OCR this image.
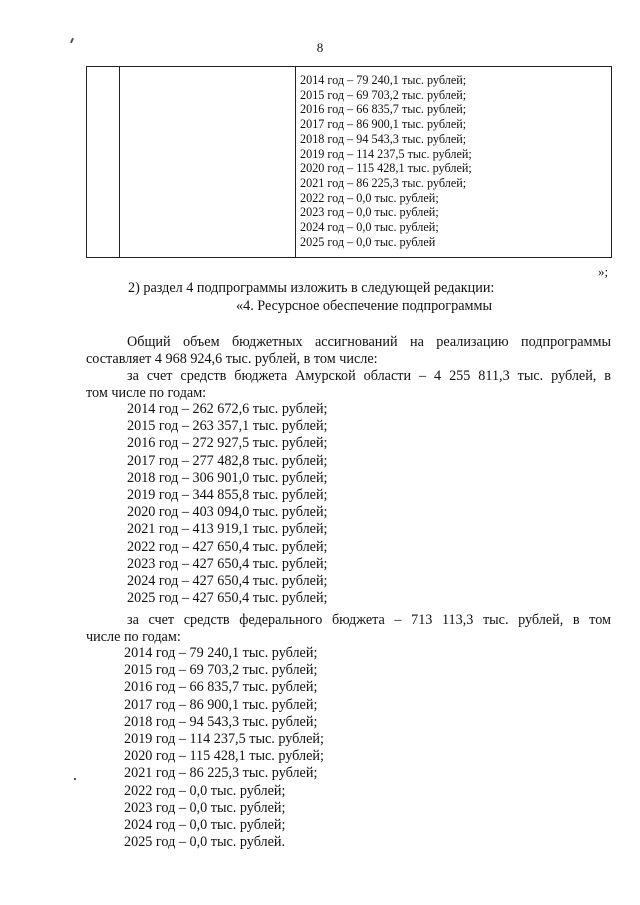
8
2014 год – 79 240,1 тыс. рублей;
2015 год – 69 703,2 тыс. рублей;
2016 год – 66 835,7 тыс. рублей;
2017 год – 86 900,1 тыс. рублей;
2018 год – 94 543,3 тыс. рублей;
2019 год – 114 237,5 тыс. рублей;
2020 год – 115 428,1 тыс. рублей;
2021 год – 86 225,3 тыс. рублей;
2022 год – 0,0 тыс. рублей;
2023 год – 0,0 тыс. рублей;
2024 год – 0,0 тыс. рублей;
2025 год – 0,0 тыс. рублей
»;
2) раздел 4 подпрограммы изложить в следующей редакции:
«4. Ресурсное обеспечение подпрограммы
Общий объем бюджетных ассигнований на реализацию подпрограммы
составляет 4 968 924,6 тыс. рублей, в том числе:
за счет средств бюджета Амурской области – 4 255 811,3 тыс. рублей, в
том числе по годам:
2014 год – 262 672,6 тыс. рублей;
2015 год – 263 357,1 тыс. рублей;
2016 год – 272 927,5 тыс. рублей;
2017 год – 277 482,8 тыс. рублей;
2018 год – 306 901,0 тыс. рублей;
2019 год – 344 855,8 тыс. рублей;
2020 год – 403 094,0 тыс. рублей;
2021 год – 413 919,1 тыс. рублей;
2022 год – 427 650,4 тыс. рублей;
2023 год – 427 650,4 тыс. рублей;
2024 год – 427 650,4 тыс. рублей;
2025 год – 427 650,4 тыс. рублей;
за счет средств федерального бюджета – 713 113,3 тыс. рублей, в том
числе по годам:
2014 год – 79 240,1 тыс. рублей;
2015 год – 69 703,2 тыс. рублей;
2016 год – 66 835,7 тыс. рублей;
2017 год – 86 900,1 тыс. рублей;
2018 год – 94 543,3 тыс. рублей;
2019 год – 114 237,5 тыс. рублей;
2020 год – 115 428,1 тыс. рублей;
2021 год – 86 225,3 тыс. рублей;
2022 год – 0,0 тыс. рублей;
2023 год – 0,0 тыс. рублей;
2024 год – 0,0 тыс. рублей;
2025 год – 0,0 тыс. рублей.
